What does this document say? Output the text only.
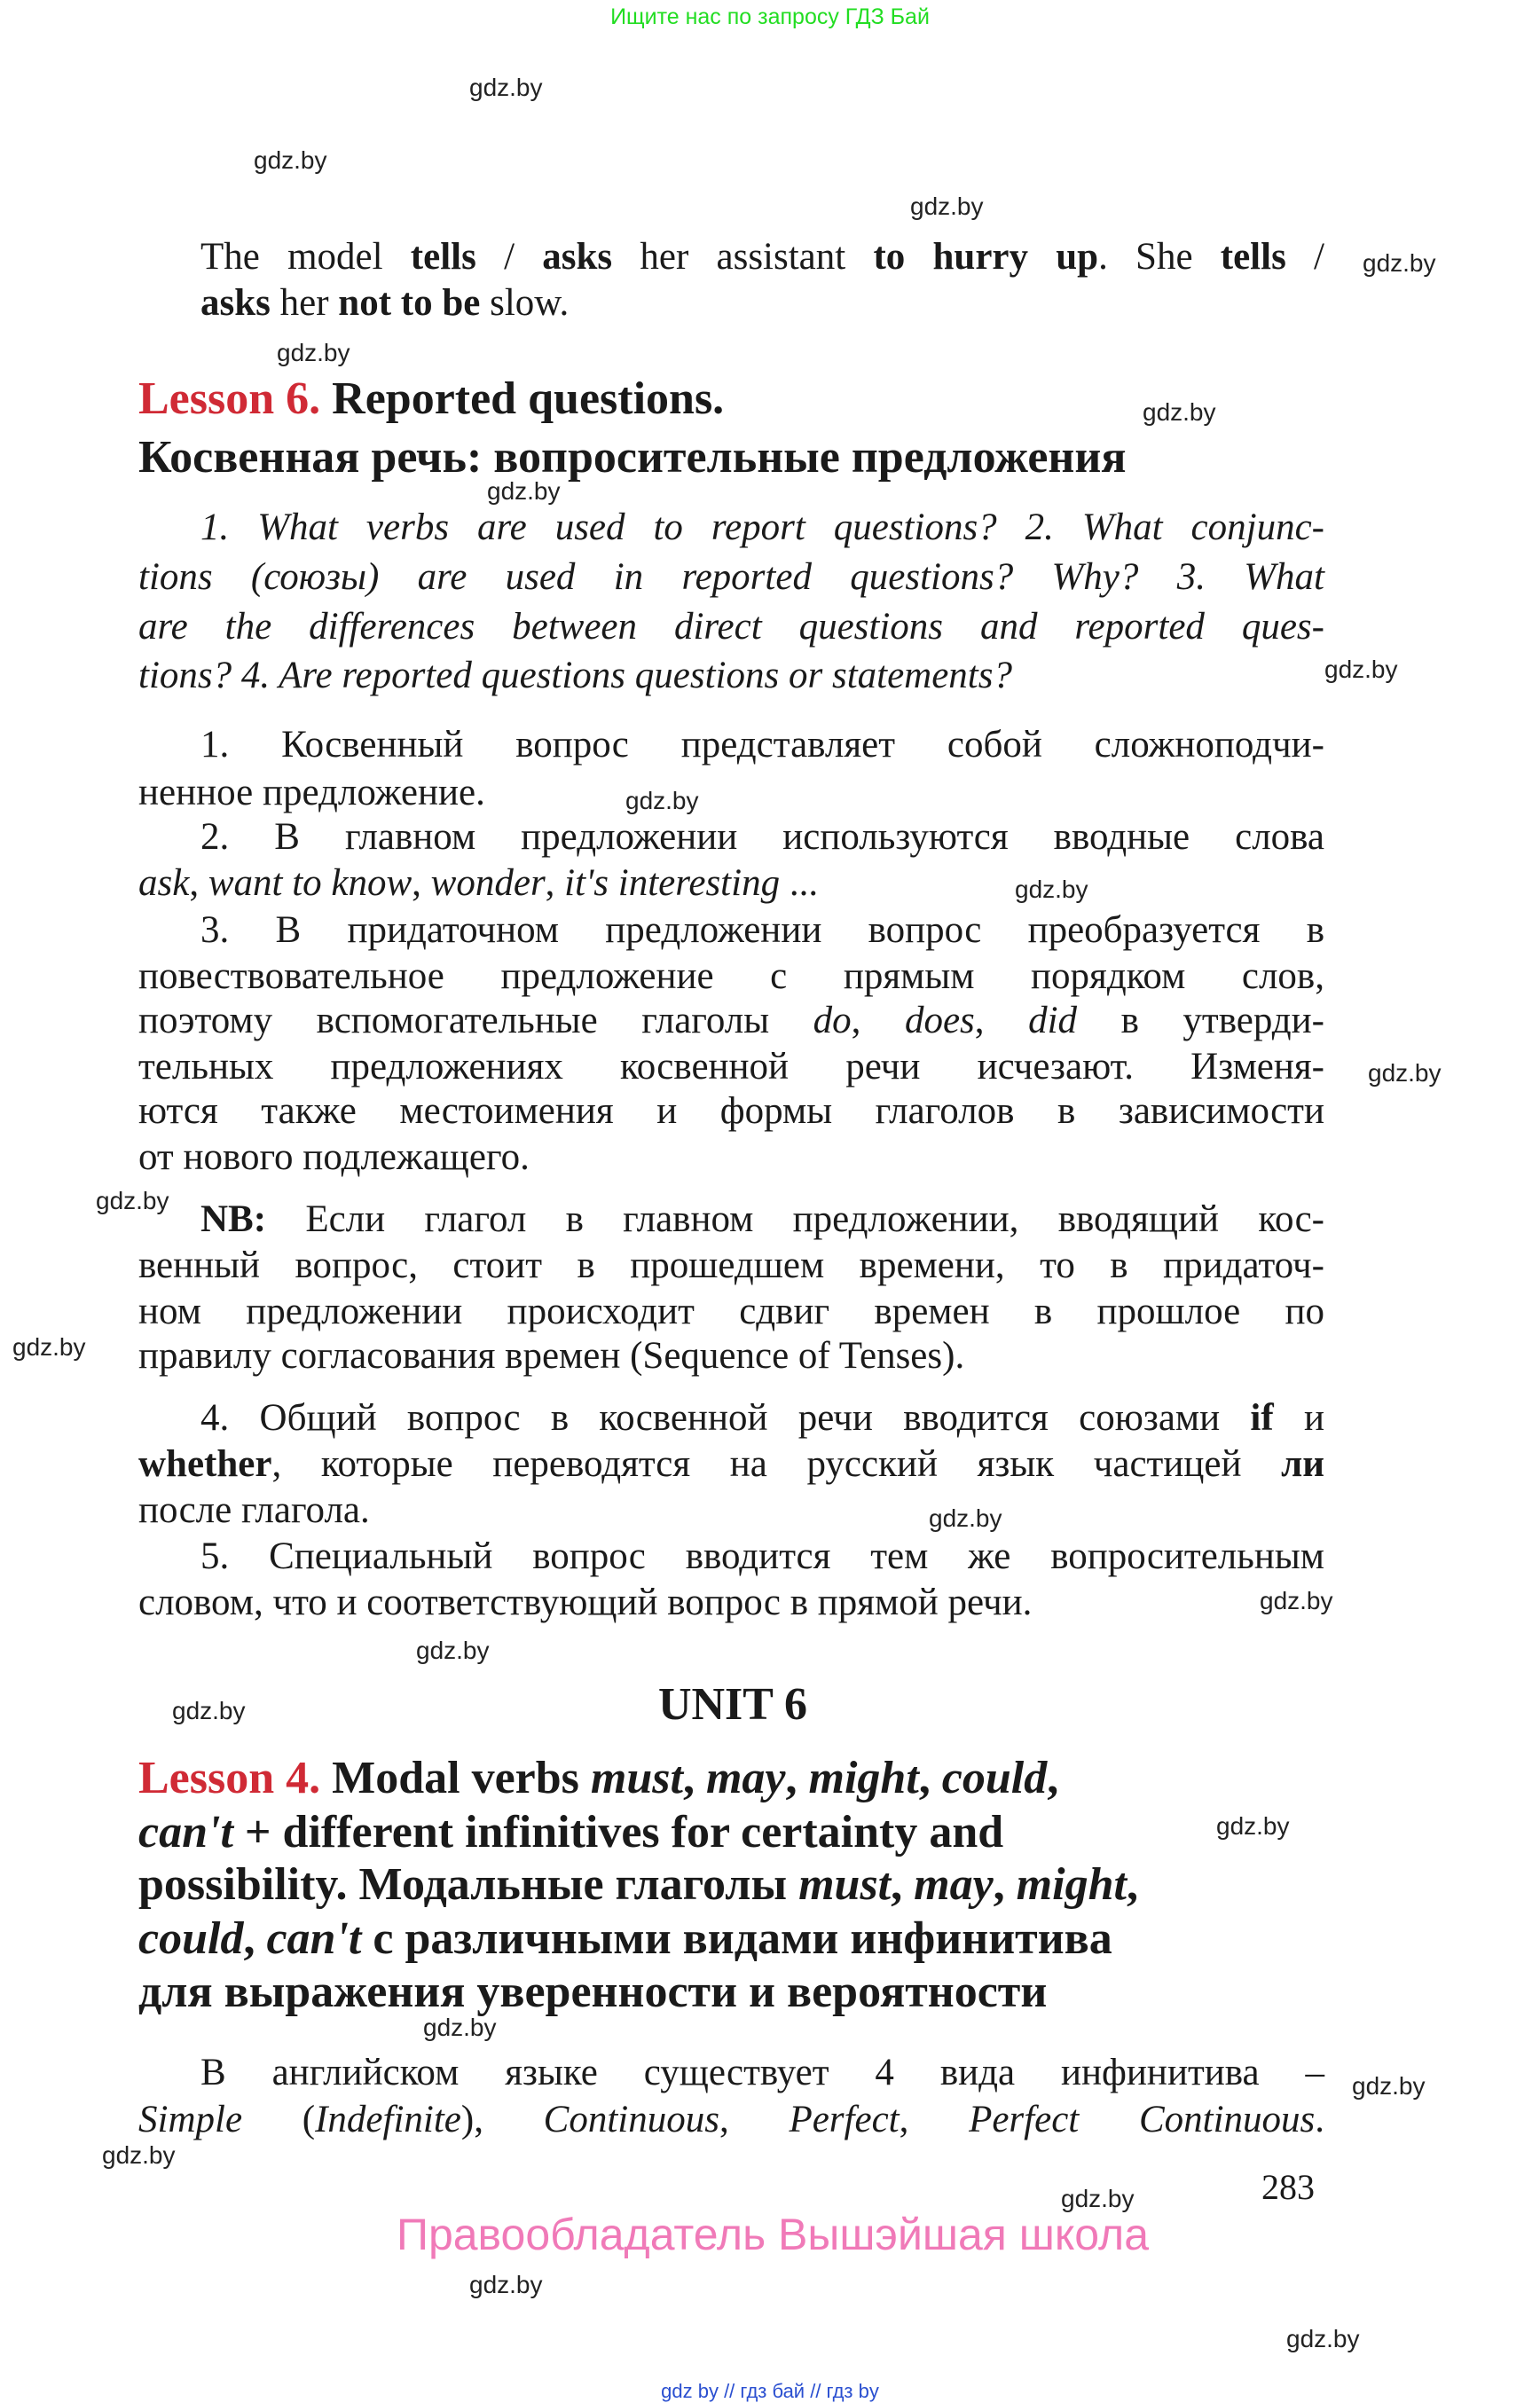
Ищите нас по запросу ГДЗ Бай
gdz.by
gdz.by
gdz.by
gdz.by
gdz.by
gdz.by
gdz.by
gdz.by
gdz.by
gdz.by
gdz.by
gdz.by
gdz.by
gdz.by
gdz.by
gdz.by
gdz.by
gdz.by
gdz.by
gdz.by
gdz.by
gdz.by
gdz.by
gdz.by
The model tells / asks her assistant to hurry up. She tells /
asks her not to be slow.
Lesson 6. Reported questions.
Косвенная речь: вопросительные предложения
1. What verbs are used to report questions? 2. What conjunc-
tions (союзы) are used in reported questions? Why? 3. What
are the differences between direct questions and reported ques-
tions? 4. Are reported questions questions or statements?
1. Косвенный вопрос представляет собой сложноподчи-
ненное предложение.
2. В главном предложении используются вводные слова
ask, want to know, wonder, it's interesting ...
3. В придаточном предложении вопрос преобразуется в
повествовательное предложение с прямым порядком слов,
поэтому вспомогательные глаголы do, does, did в утверди-
тельных предложениях косвенной речи исчезают. Изменя-
ются также местоимения и формы глаголов в зависимости
от нового подлежащего.
NB: Если глагол в главном предложении, вводящий кос-
венный вопрос, стоит в прошедшем времени, то в придаточ-
ном предложении происходит сдвиг времен в прошлое по
правилу согласования времен (Sequence of Tenses).
4. Общий вопрос в косвенной речи вводится союзами if и
whether, которые переводятся на русский язык частицей ли
после глагола.
5. Специальный вопрос вводится тем же вопросительным
словом, что и соответствующий вопрос в прямой речи.
UNIT 6
Lesson 4. Modal verbs must, may, might, could,
can't + different infinitives for certainty and
possibility. Модальные глаголы must, may, might,
could, can't с различными видами инфинитива
для выражения уверенности и вероятности
В английском языке существует 4 вида инфинитива –
Simple (Indefinite), Continuous, Perfect, Perfect Continuous.
283
Правообладатель Вышэйшая школа
gdz by // гдз бай // гдз by
